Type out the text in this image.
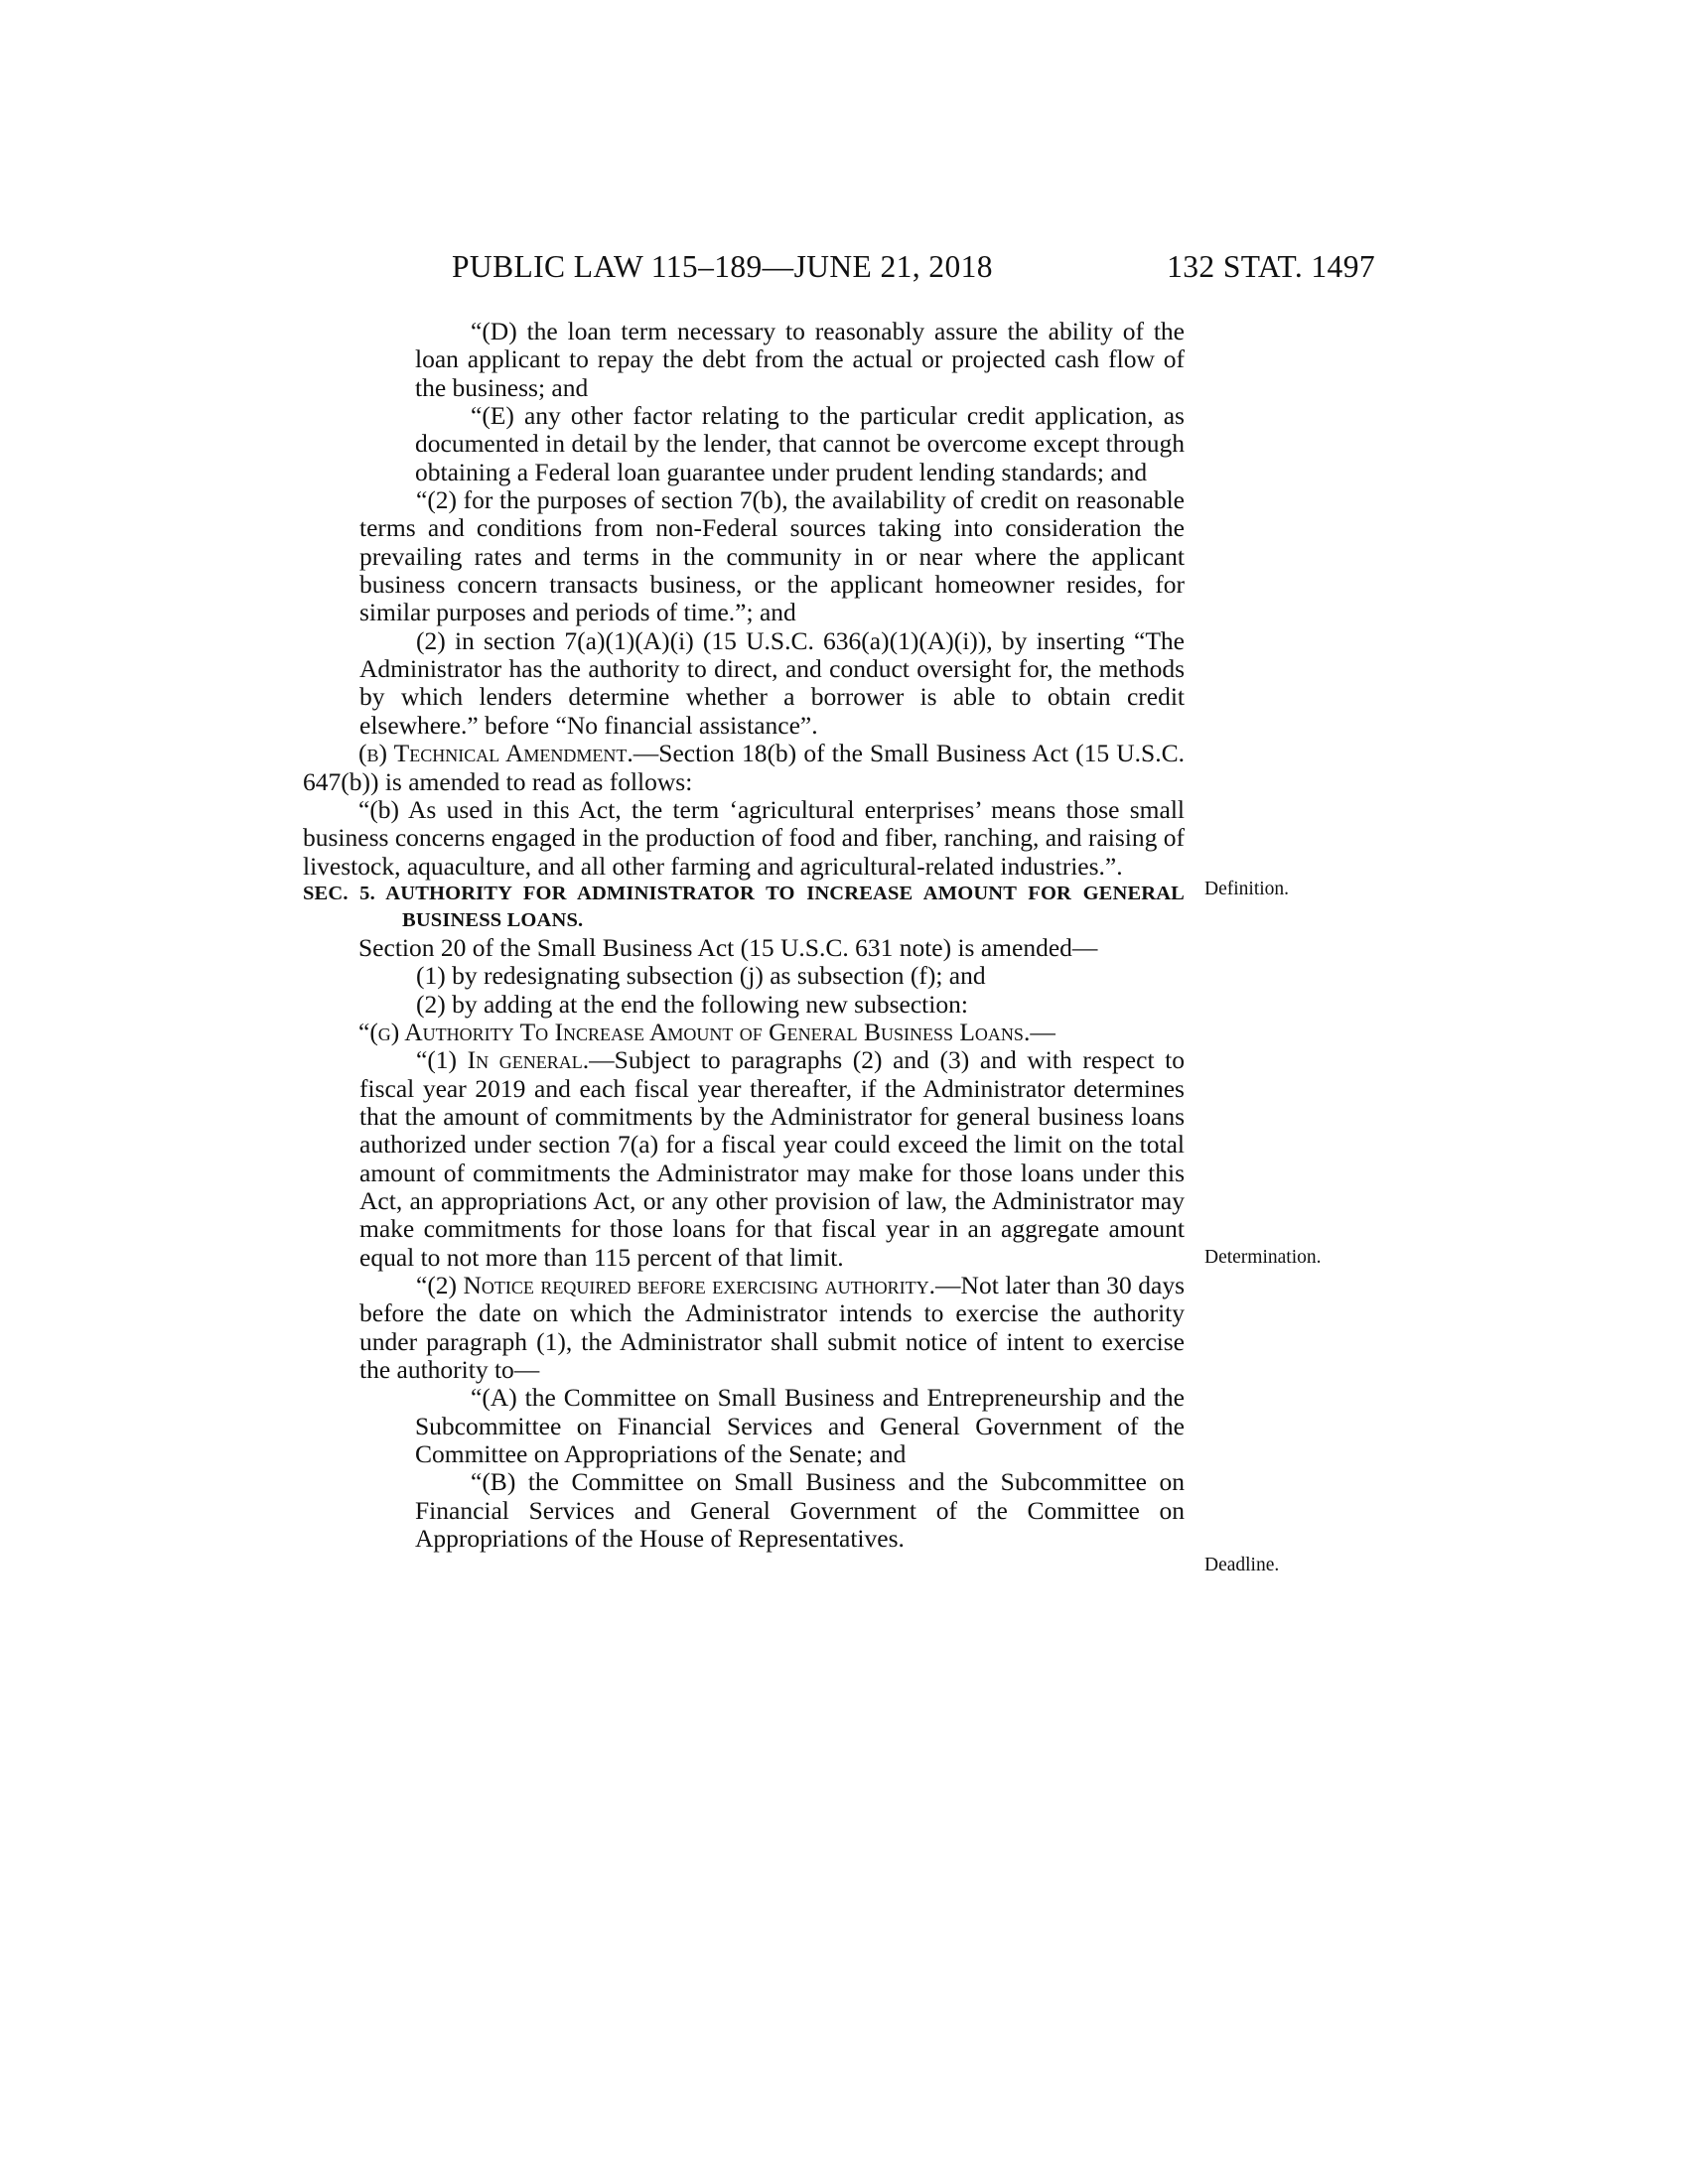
PUBLIC LAW 115–189—JUNE 21, 2018	132 STAT. 1497

“(D) the loan term necessary to reasonably assure the ability of the loan applicant to repay the debt from the actual or projected cash flow of the business; and

“(E) any other factor relating to the particular credit application, as documented in detail by the lender, that cannot be overcome except through obtaining a Federal loan guarantee under prudent lending standards; and

“(2) for the purposes of section 7(b), the availability of credit on reasonable terms and conditions from non-Federal sources taking into consideration the prevailing rates and terms in the community in or near where the applicant business concern transacts business, or the applicant homeowner resides, for similar purposes and periods of time.”; and

(2) in section 7(a)(1)(A)(i) (15 U.S.C. 636(a)(1)(A)(i)), by inserting “The Administrator has the authority to direct, and conduct oversight for, the methods by which lenders determine whether a borrower is able to obtain credit elsewhere.” before “No financial assistance”.

(b) Technical Amendment.—Section 18(b) of the Small Business Act (15 U.S.C. 647(b)) is amended to read as follows:

“(b) As used in this Act, the term ‘agricultural enterprises’ means those small business concerns engaged in the production of food and fiber, ranching, and raising of livestock, aquaculture, and all other farming and agricultural-related industries.”.

SEC. 5. AUTHORITY FOR ADMINISTRATOR TO INCREASE AMOUNT FOR GENERAL BUSINESS LOANS.

Section 20 of the Small Business Act (15 U.S.C. 631 note) is amended—

(1) by redesignating subsection (j) as subsection (f); and

(2) by adding at the end the following new subsection:

“(g) Authority To Increase Amount of General Business Loans.—

“(1) In general.—Subject to paragraphs (2) and (3) and with respect to fiscal year 2019 and each fiscal year thereafter, if the Administrator determines that the amount of commitments by the Administrator for general business loans authorized under section 7(a) for a fiscal year could exceed the limit on the total amount of commitments the Administrator may make for those loans under this Act, an appropriations Act, or any other provision of law, the Administrator may make commitments for those loans for that fiscal year in an aggregate amount equal to not more than 115 percent of that limit.

“(2) Notice required before exercising authority.—Not later than 30 days before the date on which the Administrator intends to exercise the authority under paragraph (1), the Administrator shall submit notice of intent to exercise the authority to—

“(A) the Committee on Small Business and Entrepreneurship and the Subcommittee on Financial Services and General Government of the Committee on Appropriations of the Senate; and

“(B) the Committee on Small Business and the Subcommittee on Financial Services and General Government of the Committee on Appropriations of the House of Representatives.

Definition.
Determination.
Deadline.
